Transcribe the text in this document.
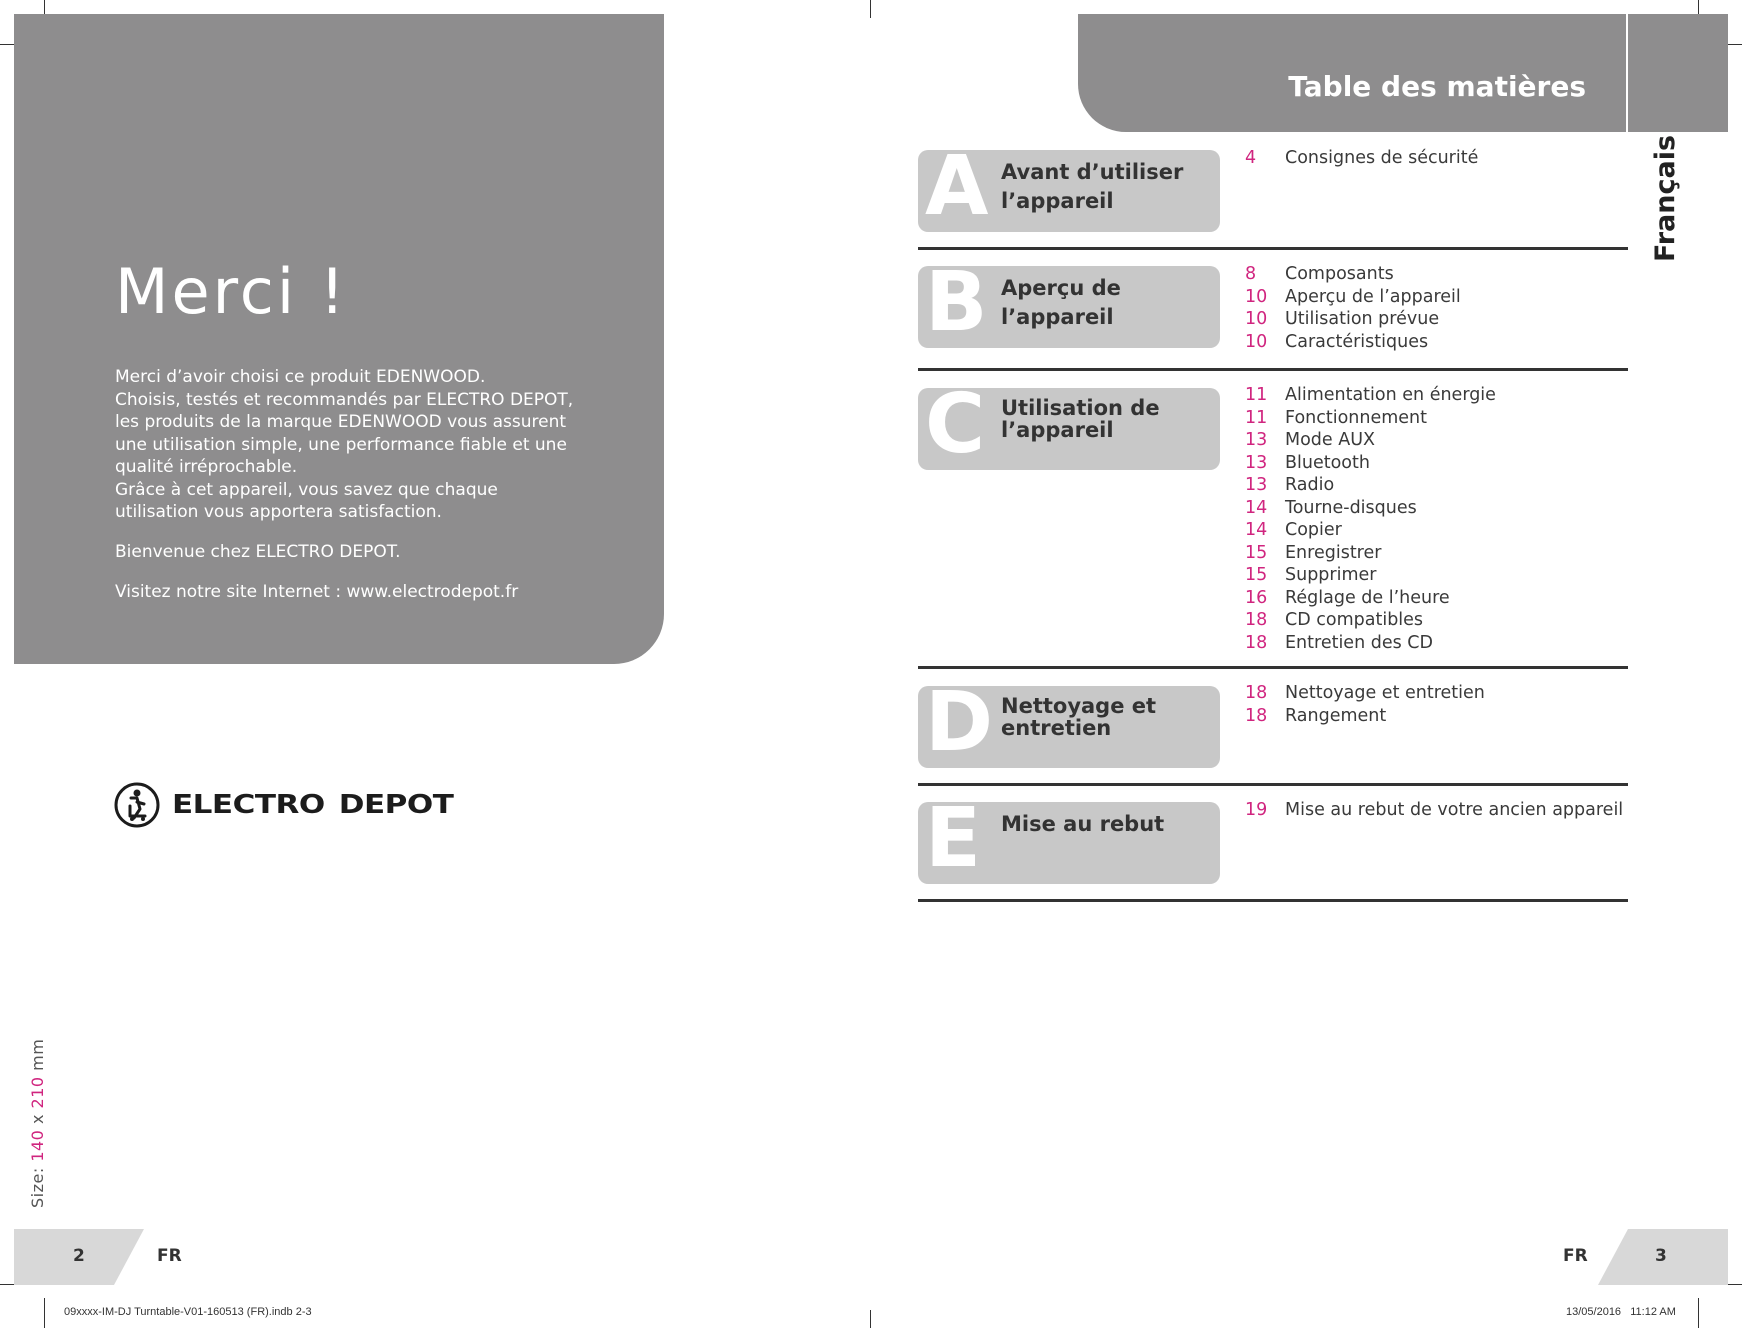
Merci !
Merci d’avoir choisi ce produit EDENWOOD.
Choisis, testés et recommandés par ELECTRO DEPOT, les produits de la marque EDENWOOD vous assurent une utilisation simple, une performance fiable et une qualité irréprochable.
Grâce à cet appareil, vous savez que chaque utilisation vous apportera satisfaction.
Bienvenue chez ELECTRO DEPOT.
Visitez notre site Internet : www.electrodepot.fr
ELECTRO DEPOT
Size: 140 x 210 mm
2	FR
09xxxx-IM-DJ Turntable-V01-160513 (FR).indb 2-3
Table des matières
Français
A Avant d’utiliser l’appareil
4 Consignes de sécurité
B Aperçu de l’appareil
8 Composants
10 Aperçu de l’appareil
10 Utilisation prévue
10 Caractéristiques
C Utilisation de l’appareil
11 Alimentation en énergie
11 Fonctionnement
13 Mode AUX
13 Bluetooth
13 Radio
14 Tourne-disques
14 Copier
15 Enregistrer
15 Supprimer
16 Réglage de l’heure
18 CD compatibles
18 Entretien des CD
D Nettoyage et entretien
18 Nettoyage et entretien
18 Rangement
E Mise au rebut
19 Mise au rebut de votre ancien appareil
FR	3
13/05/2016   11:12 AM
